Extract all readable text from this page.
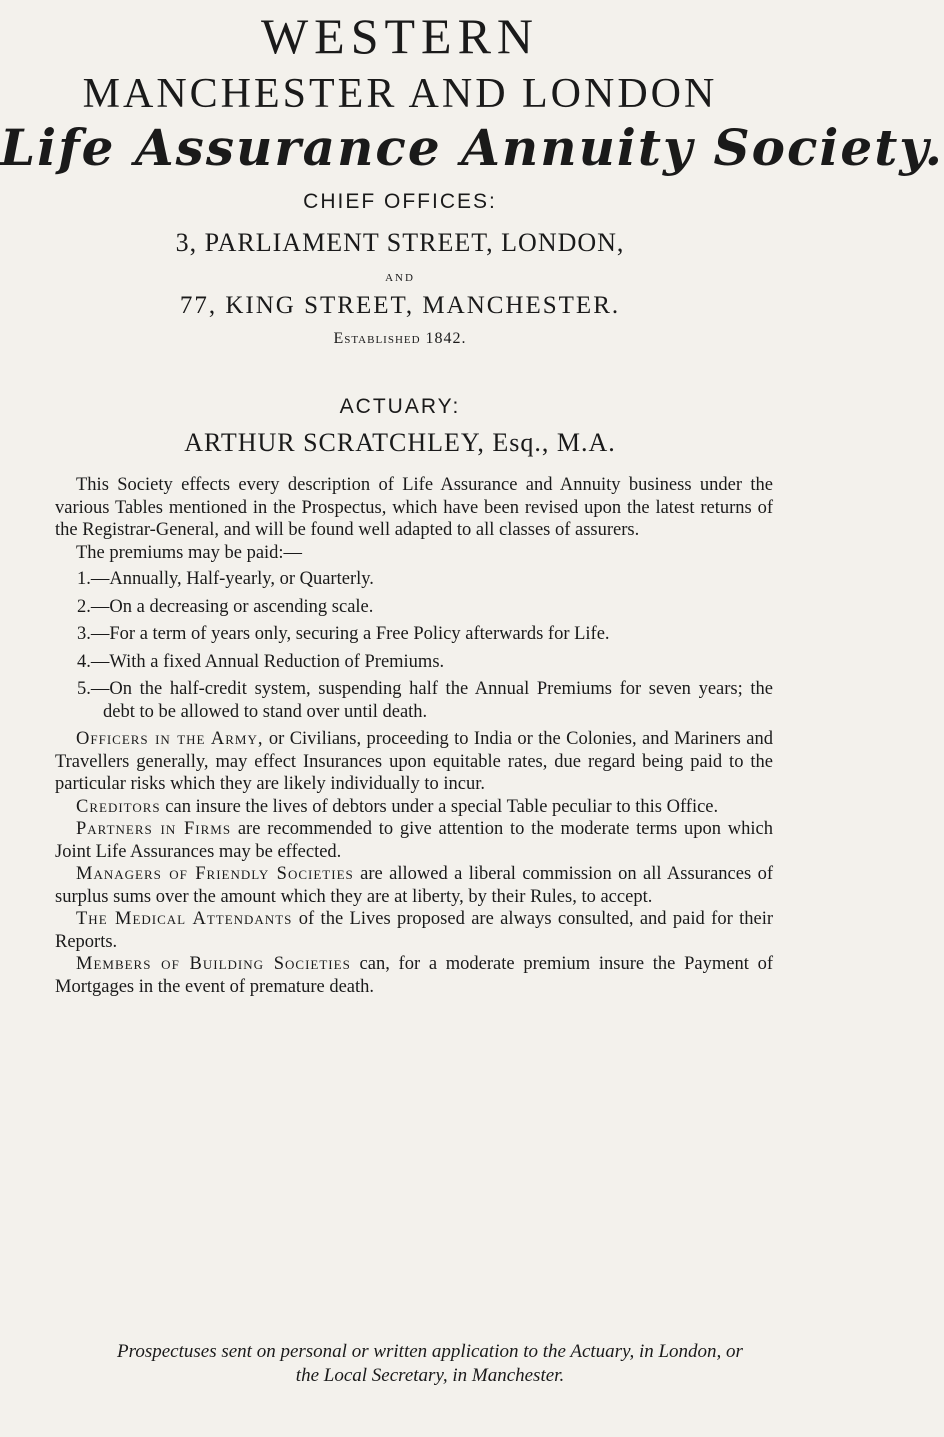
WESTERN
MANCHESTER AND LONDON
Life Assurance Annuity Society.
CHIEF OFFICES:
3, PARLIAMENT STREET, LONDON,
AND
77, KING STREET, MANCHESTER.
Established 1842.
ACTUARY:
ARTHUR SCRATCHLEY, Esq., M.A.

This Society effects every description of Life Assurance and Annuity business under the various Tables mentioned in the Prospectus, which have been revised upon the latest returns of the Registrar-General, and will be found well adapted to all classes of assurers.

The premiums may be paid:—

1.—Annually, Half-yearly, or Quarterly.

2.—On a decreasing or ascending scale.

3.—For a term of years only, securing a Free Policy afterwards for Life.

4.—With a fixed Annual Reduction of Premiums.

5.—On the half-credit system, suspending half the Annual Premiums for seven years; the debt to be allowed to stand over until death.

Officers in the Army, or Civilians, proceeding to India or the Colonies, and Mariners and Travellers generally, may effect Insurances upon equitable rates, due regard being paid to the particular risks which they are likely individually to incur.

Creditors can insure the lives of debtors under a special Table peculiar to this Office.

Partners in Firms are recommended to give attention to the moderate terms upon which Joint Life Assurances may be effected.

Managers of Friendly Societies are allowed a liberal commission on all Assurances of surplus sums over the amount which they are at liberty, by their Rules, to accept.

The Medical Attendants of the Lives proposed are always consulted, and paid for their Reports.

Members of Building Societies can, for a moderate premium insure the Payment of Mortgages in the event of premature death.

Prospectuses sent on personal or written application to the Actuary, in London, or the Local Secretary, in Manchester.
